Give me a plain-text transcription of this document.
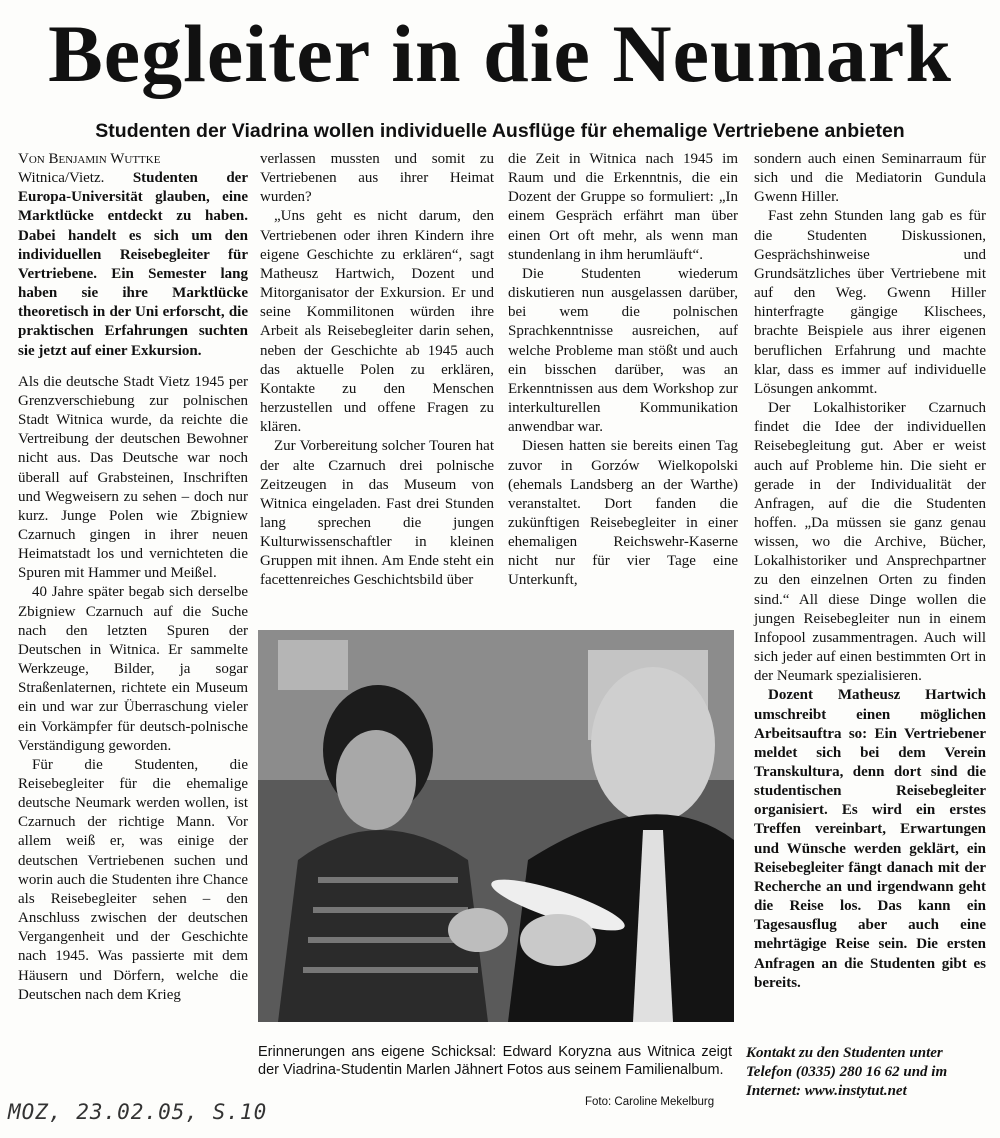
Begleiter in die Neumark
Studenten der Viadrina wollen individuelle Ausflüge für ehemalige Vertriebene anbieten

Von Benjamin Wuttke

Witnica/Vietz. Studenten der Europa-Universität glauben, eine Marktlücke entdeckt zu haben. Dabei handelt es sich um den individuellen Reisebegleiter für Vertriebene. Ein Semester lang haben sie ihre Marktlücke theoretisch in der Uni erforscht, die praktischen Erfahrungen suchten sie jetzt auf einer Exkursion.

Als die deutsche Stadt Vietz 1945 per Grenzverschiebung zur polnischen Stadt Witnica wurde, da reichte die Vertreibung der deutschen Bewohner nicht aus. Das Deutsche war noch überall auf Grabsteinen, Inschriften und Wegweisern zu sehen – doch nur kurz. Junge Polen wie Zbigniew Czarnuch gingen in ihrer neuen Heimatstadt los und vernichteten die Spuren mit Hammer und Meißel.

40 Jahre später begab sich derselbe Zbigniew Czarnuch auf die Suche nach den letzten Spuren der Deutschen in Witnica. Er sammelte Werkzeuge, Bilder, ja sogar Straßenlaternen, richtete ein Museum ein und war zur Überraschung vieler ein Vorkämpfer für deutsch-polnische Verständigung geworden.

Für die Studenten, die Reisebegleiter für die ehemalige deutsche Neumark werden wollen, ist Czarnuch der richtige Mann. Vor allem weiß er, was einige der deutschen Vertriebenen suchen und worin auch die Studenten ihre Chance als Reisebegleiter sehen – den Anschluss zwischen der deutschen Vergangenheit und der Geschichte nach 1945. Was passierte mit dem Häusern und Dörfern, welche die Deutschen nach dem Krieg

verlassen mussten und somit zu Vertriebenen aus ihrer Heimat wurden?

„Uns geht es nicht darum, den Vertriebenen oder ihren Kindern ihre eigene Geschichte zu erklären“, sagt Matheusz Hartwich, Dozent und Mitorganisator der Exkursion. Er und seine Kommilitonen würden ihre Arbeit als Reisebegleiter darin sehen, neben der Geschichte ab 1945 auch das aktuelle Polen zu erklären, Kontakte zu den Menschen herzustellen und offene Fragen zu klären.

Zur Vorbereitung solcher Touren hat der alte Czarnuch drei polnische Zeitzeugen in das Museum von Witnica eingeladen. Fast drei Stunden lang sprechen die jungen Kulturwissenschaftler in kleinen Gruppen mit ihnen. Am Ende steht ein facettenreiches Geschichtsbild über

die Zeit in Witnica nach 1945 im Raum und die Erkenntnis, die ein Dozent der Gruppe so formuliert: „In einem Gespräch erfährt man über einen Ort oft mehr, als wenn man stundenlang in ihm herumläuft“.

Die Studenten wiederum diskutieren nun ausgelassen darüber, bei wem die polnischen Sprachkenntnisse ausreichen, auf welche Probleme man stößt und auch ein bisschen darüber, was an Erkenntnissen aus dem Workshop zur interkulturellen Kommunikation anwendbar war.

Diesen hatten sie bereits einen Tag zuvor in Gorzów Wielkopolski (ehemals Landsberg an der Warthe) veranstaltet. Dort fanden die zukünftigen Reisebegleiter in einer ehemaligen Reichswehr-Kaserne nicht nur für vier Tage eine Unterkunft,

sondern auch einen Seminarraum für sich und die Mediatorin Gundula Gwenn Hiller.

Fast zehn Stunden lang gab es für die Studenten Diskussionen, Gesprächshinweise und Grundsätzliches über Vertriebene mit auf den Weg. Gwenn Hiller hinterfragte gängige Klischees, brachte Beispiele aus ihrer eigenen beruflichen Erfahrung und machte klar, dass es immer auf individuelle Lösungen ankommt.

Der Lokalhistoriker Czarnuch findet die Idee der individuellen Reisebegleitung gut. Aber er weist auch auf Probleme hin. Die sieht er gerade in der Individualität der Anfragen, auf die die Studenten hoffen. „Da müssen sie ganz genau wissen, wo die Archive, Bücher, Lokalhistoriker und Ansprechpartner zu den einzelnen Orten zu finden sind.“ All diese Dinge wollen die jungen Reisebegleiter nun in einem Infopool zusammentragen. Auch will sich jeder auf einen bestimmten Ort in der Neumark spezialisieren.

Dozent Matheusz Hartwich umschreibt einen möglichen Arbeitsauftra so: Ein Vertriebener meldet sich bei dem Verein Transkultura, denn dort sind die studentischen Reisebegleiter organisiert. Es wird ein erstes Treffen vereinbart, Erwartungen und Wünsche werden geklärt, ein Reisebegleiter fängt danach mit der Recherche an und irgendwann geht die Reise los. Das kann ein Tagesausflug aber auch eine mehrtägige Reise sein. Die ersten Anfragen an die Studenten gibt es bereits.

Erinnerungen ans eigene Schicksal: Edward Koryzna aus Witnica zeigt der Viadrina-Studentin Marlen Jähnert Fotos aus seinem Familienalbum.

Foto: Caroline Mekelburg

Kontakt zu den Studenten unter Telefon (0335) 280 16 62 und im Internet: www.instytut.net

MOZ, 23.02.05, S.10
